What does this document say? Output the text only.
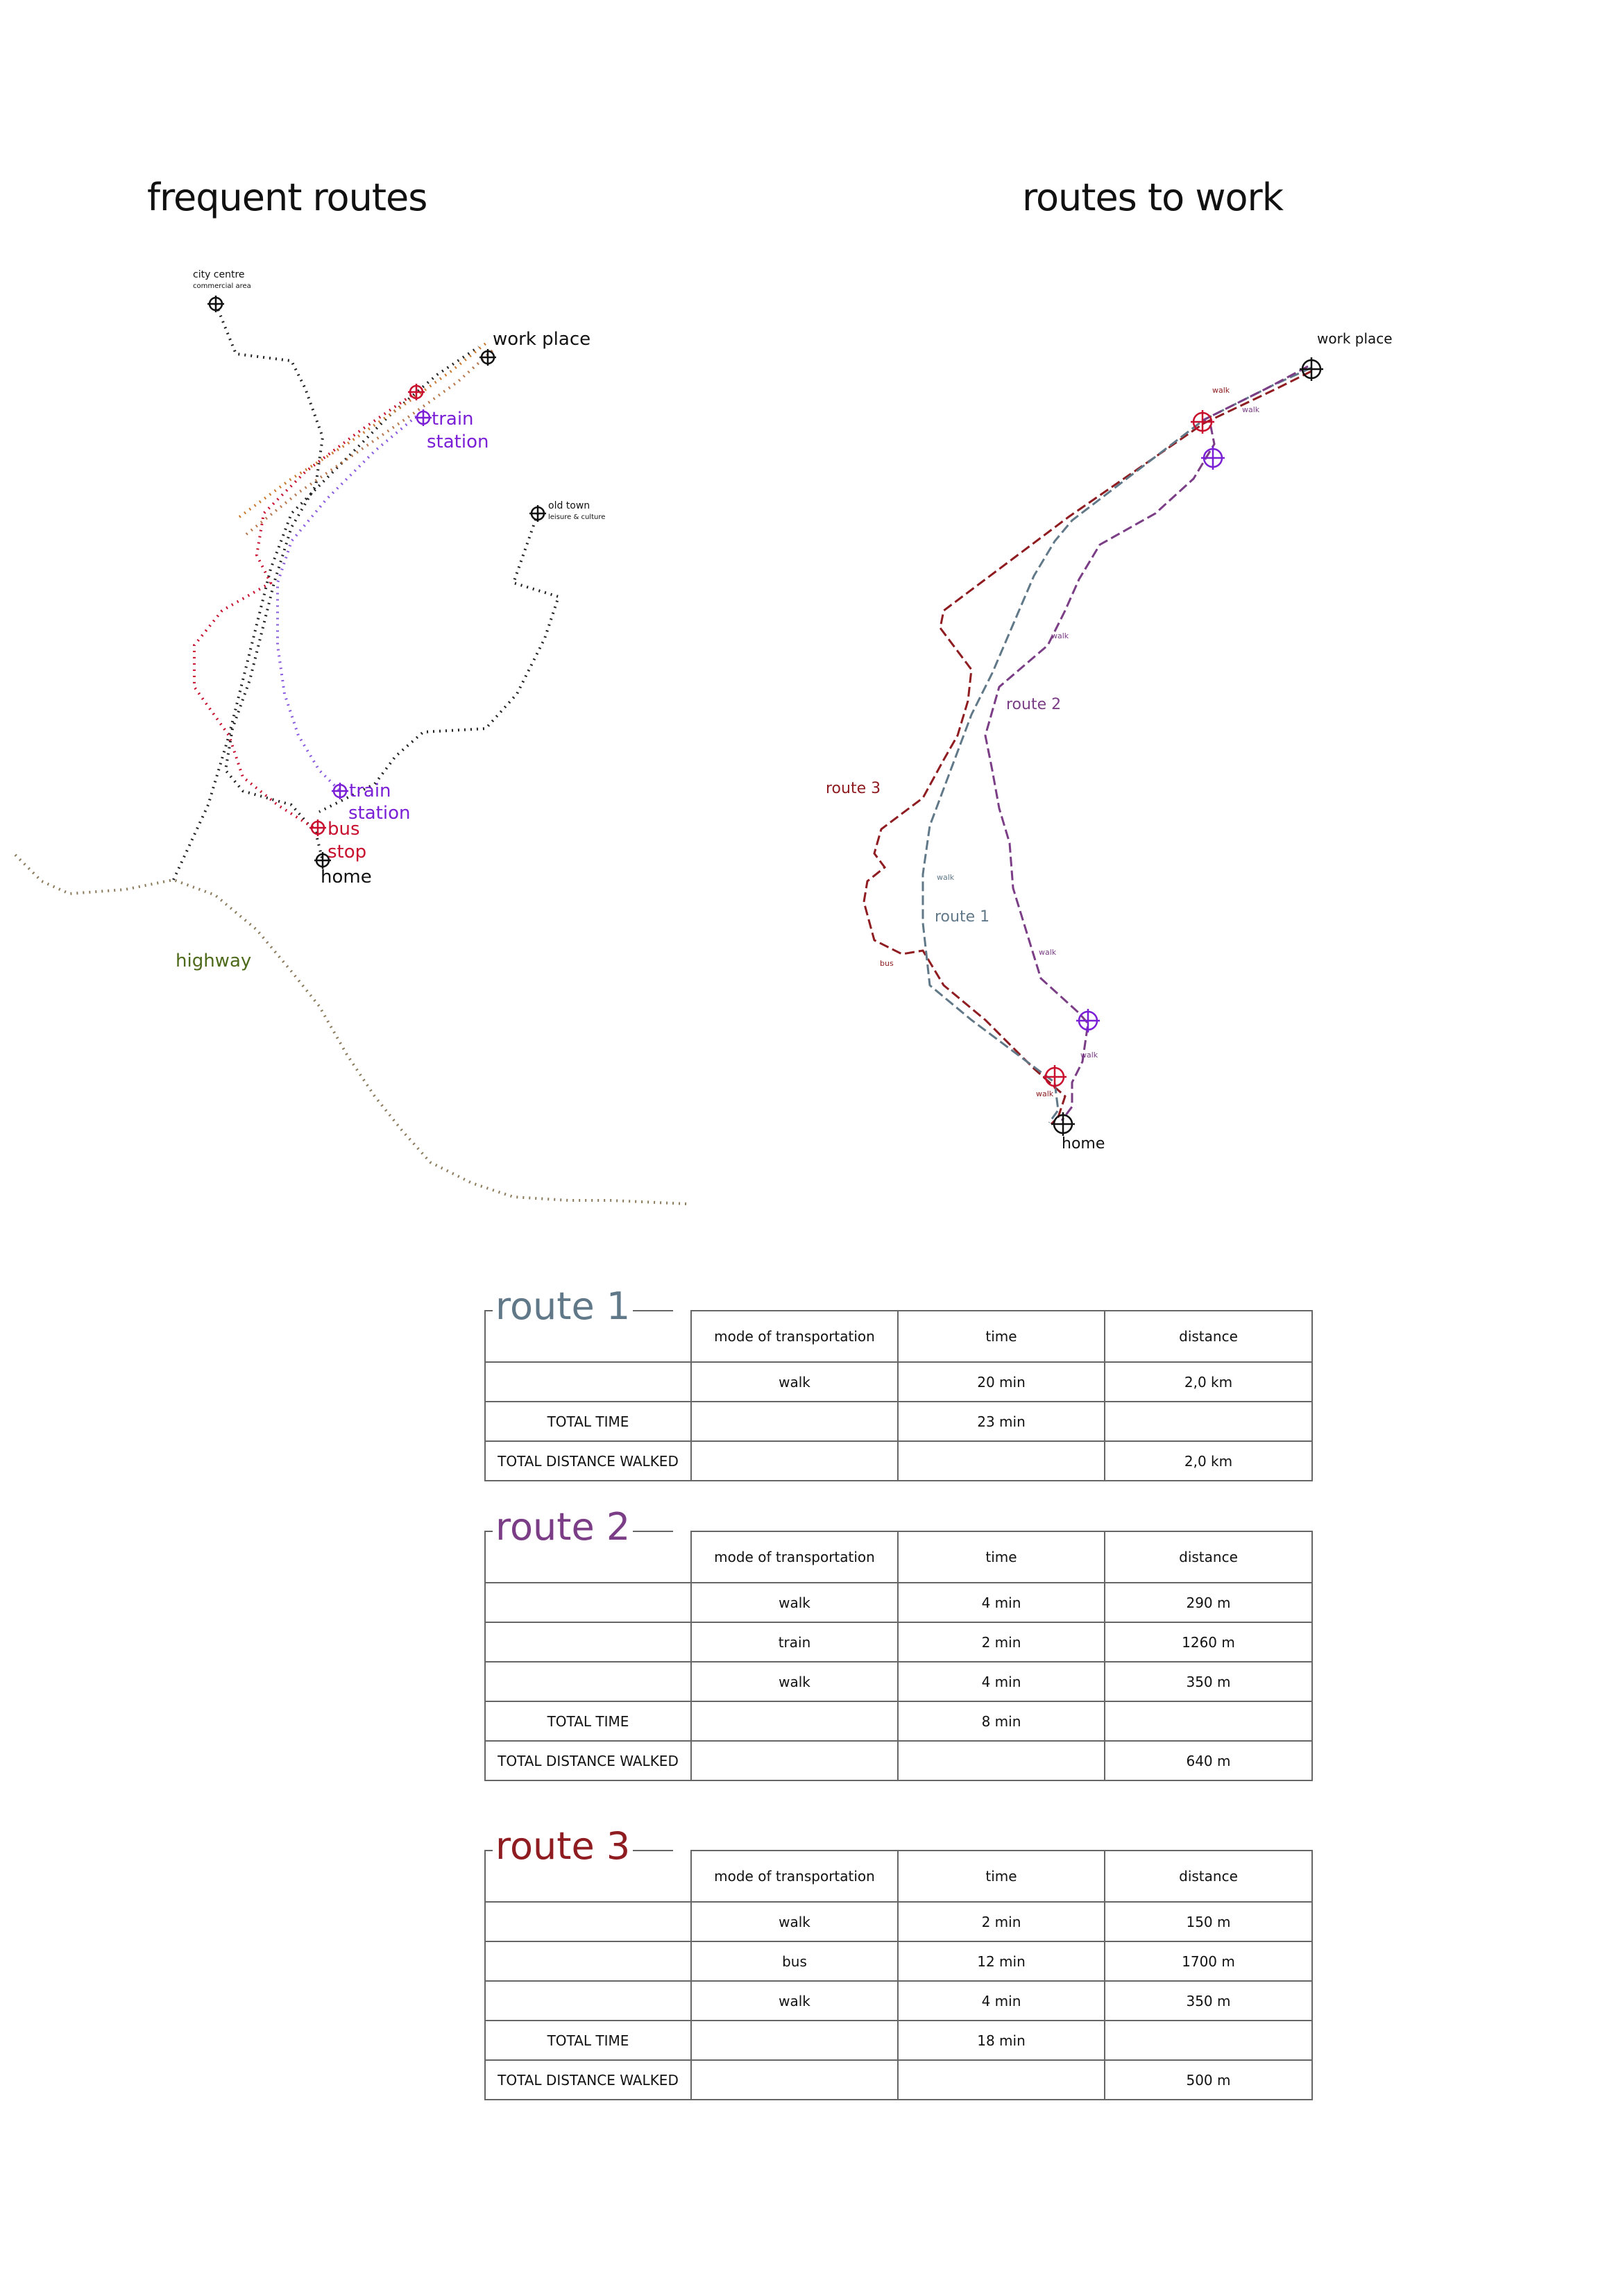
frequent routes	routes to work
city centre
commercial area
work place
train
station
old town
leisure & culture
train
station
bus
stop
home
highway
work place
home
route 1
route 2
route 3
walk
walk
walk
walk
walk
walk
walk
bus
route 1
	mode of transportation	time	distance
	walk	20 min	2,0 km
TOTAL TIME		23 min	
TOTAL DISTANCE WALKED			2,0 km
route 2
	mode of transportation	time	distance
	walk	4 min	290 m
	train	2 min	1260 m
	walk	4 min	350 m
TOTAL TIME		8 min	
TOTAL DISTANCE WALKED			640 m
route 3
	mode of transportation	time	distance
	walk	2 min	150 m
	bus	12 min	1700 m
	walk	4 min	350 m
TOTAL TIME		18 min	
TOTAL DISTANCE WALKED			500 m
